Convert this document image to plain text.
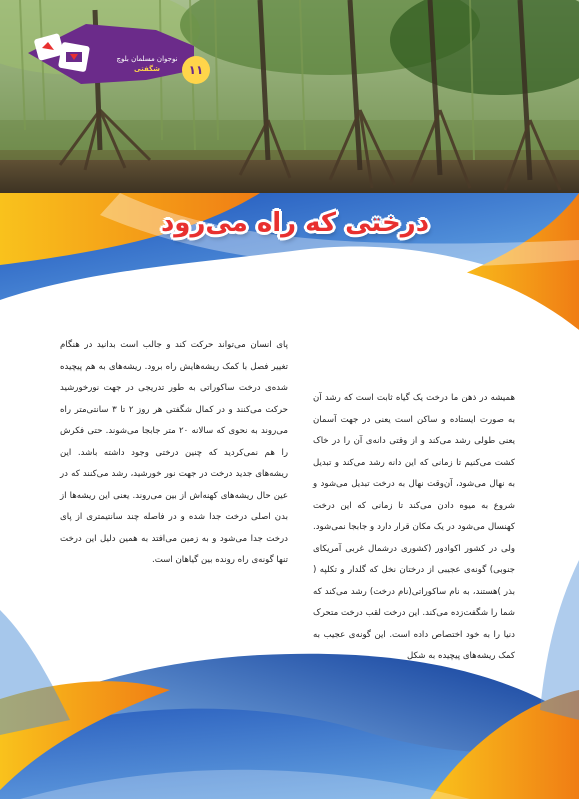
نوجوان مسلمان بلوچ
شگفتی	۱۱
درختی که راه می‌رود

پای انسان می‌تواند حرکت کند و جالب است بدانید در هنگام تغییر فصل با کمک ریشه‌هایش راه برود. ریشه‌های به هم پیچیده شده‌ی درخت ساکوراتی به طور تدریجی در جهت نورخورشید حرکت می‌کنند و در کمال شگفتی هر روز ۲ تا ۳ سانتی‌متر راه می‌روند به نحوی که سالانه ۲۰ متر جابجا می‌شوند. حتی فکرش را هم نمی‌کردید که چنین درختی وجود داشته باشد. این ریشه‌های جدید درخت در جهت نور خورشید، رشد می‌کنند که در عین حال ریشه‌های کهنه‌اش از بین می‌روند. یعنی این ریشه‌ها از بدن اصلی درخت جدا شده و در فاصله چند سانتیمتری از پای درخت جدا می‌شود و به زمین می‌افتد به همین دلیل این درخت تنها گونه‌ی راه رونده بین گیاهان است.

همیشه در ذهن ما درخت یک گیاه ثابت است که رشد آن به صورت ایستاده و ساکن است یعنی در جهت آسمان یعنی طولی رشد می‌کند و از وقتی دانه‌ی آن را در خاک کشت می‌کنیم تا زمانی که این دانه رشد می‌کند و تبدیل به نهال می‌شود، آن‌وقت نهال به درخت تبدیل می‌شود و شروع به میوه دادن می‌کند تا زمانی که این درخت کهنسال می‌شود در یک مکان قرار دارد و جابجا نمی‌شود. ولی در کشور اکوادور (کشوری درشمال غربی آمریکای جنوبی) گونه‌ی عجیبی از درختان نخل که گلدار و تکلپه ( بذر )هستند، به نام ساکوراتی(نام درخت) رشد می‌کند که شما را شگفت‌زده می‌کند. این درخت لقب درخت متحرک دنیا را به خود اختصاص داده است. این گونه‌ی عجیب به کمک ریشه‌های پیچیده به شکل
